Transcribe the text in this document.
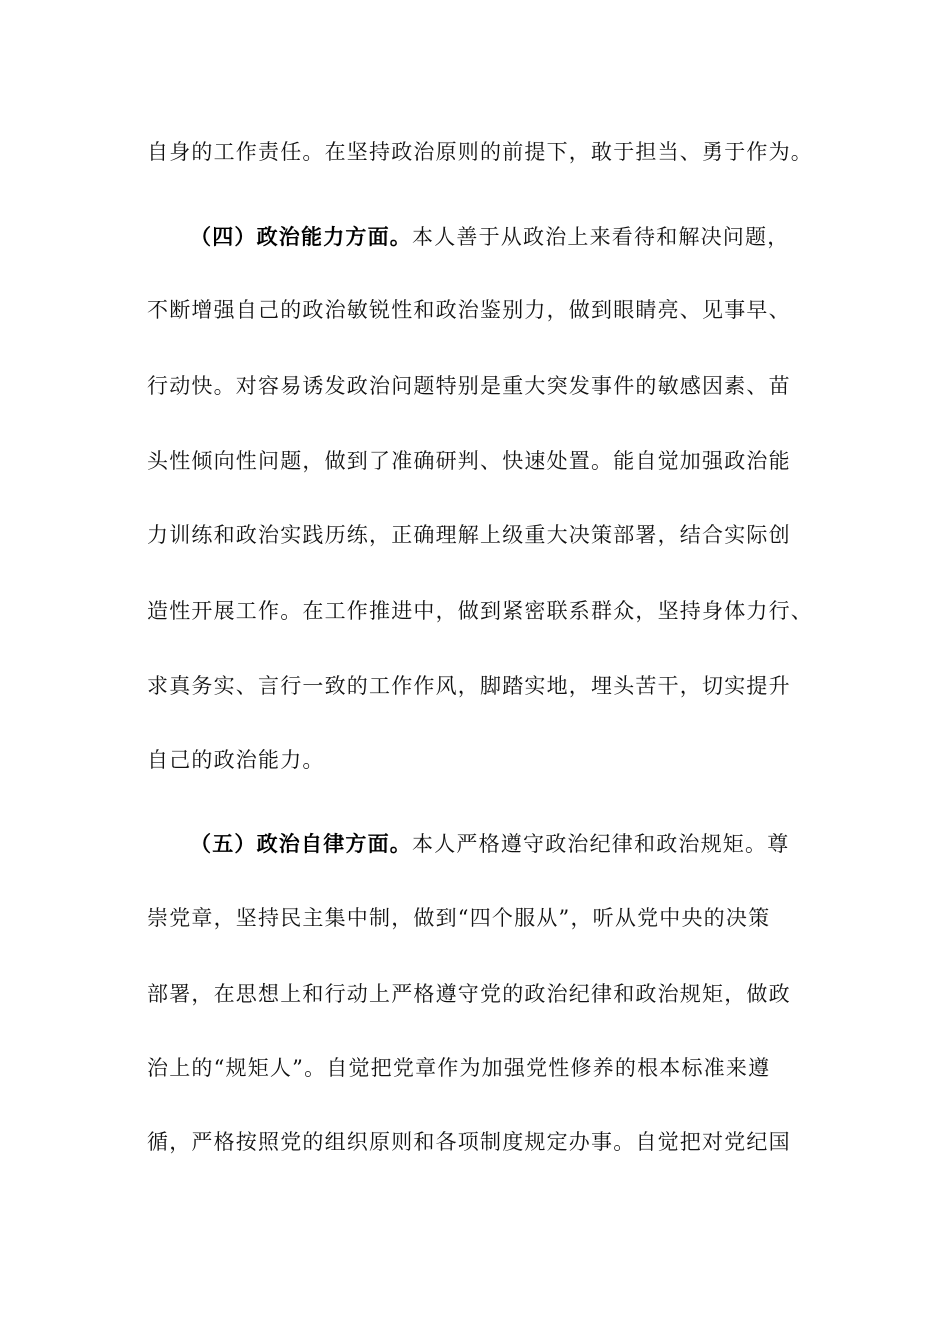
自身的工作责任。在坚持政治原则的前提下，敢于担当、勇于作为。
（四）政治能力方面。本人善于从政治上来看待和解决问题，
不断增强自己的政治敏锐性和政治鉴别力，做到眼睛亮、见事早、
行动快。对容易诱发政治问题特别是重大突发事件的敏感因素、苗
头性倾向性问题，做到了准确研判、快速处置。能自觉加强政治能
力训练和政治实践历练，正确理解上级重大决策部署，结合实际创
造性开展工作。在工作推进中，做到紧密联系群众，坚持身体力行、
求真务实、言行一致的工作作风，脚踏实地，埋头苦干，切实提升
自己的政治能力。
（五）政治自律方面。本人严格遵守政治纪律和政治规矩。尊
崇党章，坚持民主集中制，做到“四个服从”，听从党中央的决策
部署，在思想上和行动上严格遵守党的政治纪律和政治规矩，做政
治上的“规矩人”。自觉把党章作为加强党性修养的根本标准来遵
循，严格按照党的组织原则和各项制度规定办事。自觉把对党纪国
